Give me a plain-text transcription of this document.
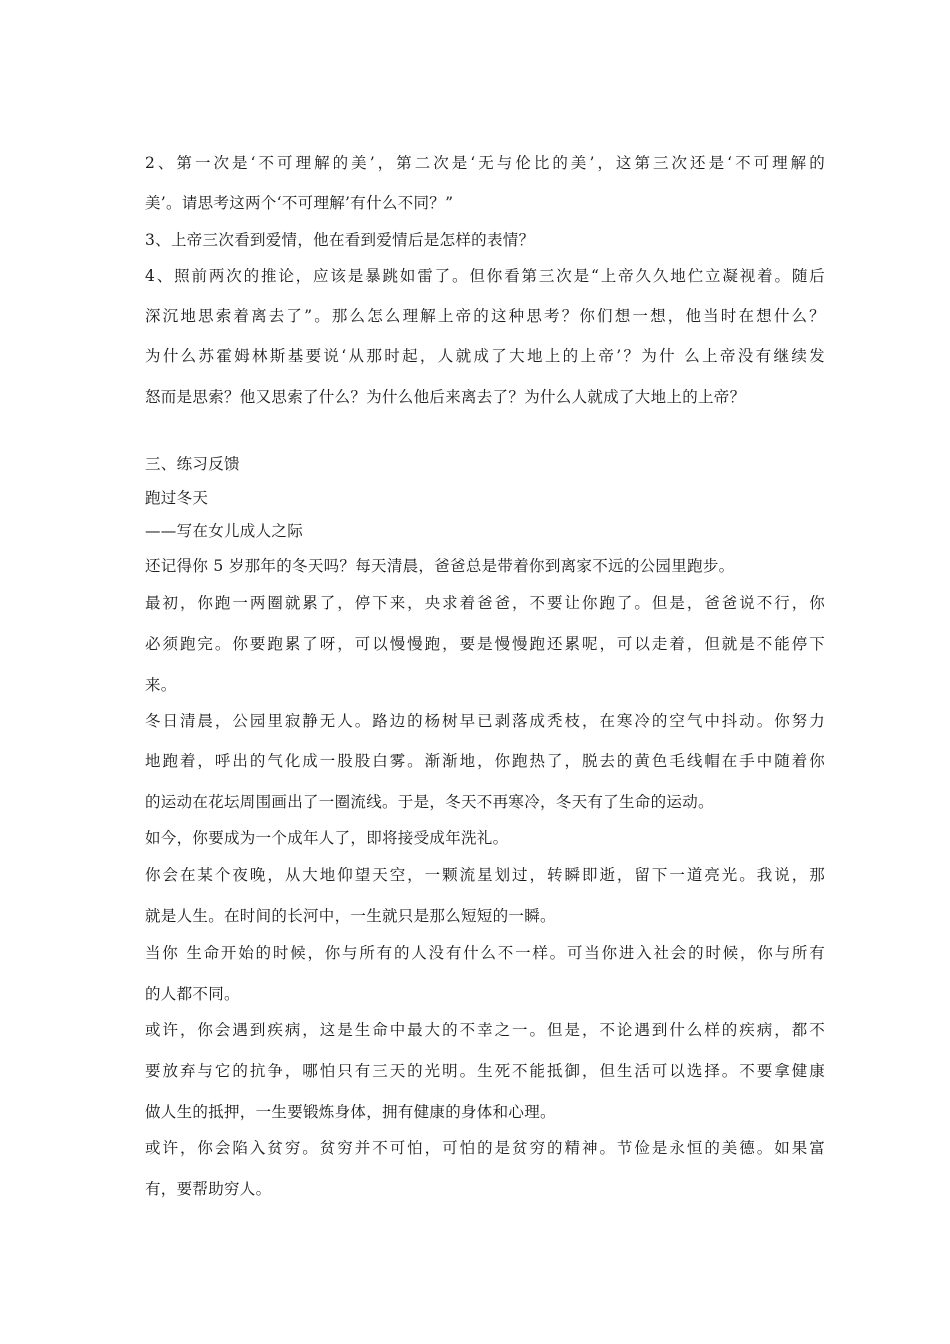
2、第一次是‘不可理解的美’，第二次是‘无与伦比的美’，这第三次还是‘不可理解的
美’。请思考这两个‘不可理解’有什么不同？”
3、上帝三次看到爱情，他在看到爱情后是怎样的表情？
4、照前两次的推论，应该是暴跳如雷了。但你看第三次是“上帝久久地伫立凝视着。随后
深沉地思索着离去了”。那么怎么理解上帝的这种思考？你们想一想，他当时在想什么？
为什么苏霍姆林斯基要说‘从那时起，人就成了大地上的上帝’？为什 么上帝没有继续发
怒而是思索？他又思索了什么？为什么他后来离去了？为什么人就成了大地上的上帝？
三、练习反馈
跑过冬天
——写在女儿成人之际
还记得你 5 岁那年的冬天吗？每天清晨，爸爸总是带着你到离家不远的公园里跑步。
最初，你跑一两圈就累了，停下来，央求着爸爸，不要让你跑了。但是，爸爸说不行，你
必须跑完。你要跑累了呀，可以慢慢跑，要是慢慢跑还累呢，可以走着，但就是不能停下
来。
冬日清晨，公园里寂静无人。路边的杨树早已剥落成秃枝，在寒冷的空气中抖动。你努力
地跑着，呼出的气化成一股股白雾。渐渐地，你跑热了，脱去的黄色毛线帽在手中随着你
的运动在花坛周围画出了一圈流线。于是，冬天不再寒冷，冬天有了生命的运动。
如今，你要成为一个成年人了，即将接受成年洗礼。
你会在某个夜晚，从大地仰望天空，一颗流星划过，转瞬即逝，留下一道亮光。我说，那
就是人生。在时间的长河中，一生就只是那么短短的一瞬。
当你 生命开始的时候，你与所有的人没有什么不一样。可当你进入社会的时候，你与所有
的人都不同。
或许，你会遇到疾病，这是生命中最大的不幸之一。但是，不论遇到什么样的疾病，都不
要放弃与它的抗争，哪怕只有三天的光明。生死不能抵御，但生活可以选择。不要拿健康
做人生的抵押，一生要锻炼身体，拥有健康的身体和心理。
或许，你会陷入贫穷。贫穷并不可怕，可怕的是贫穷的精神。节俭是永恒的美德。如果富
有，要帮助穷人。
